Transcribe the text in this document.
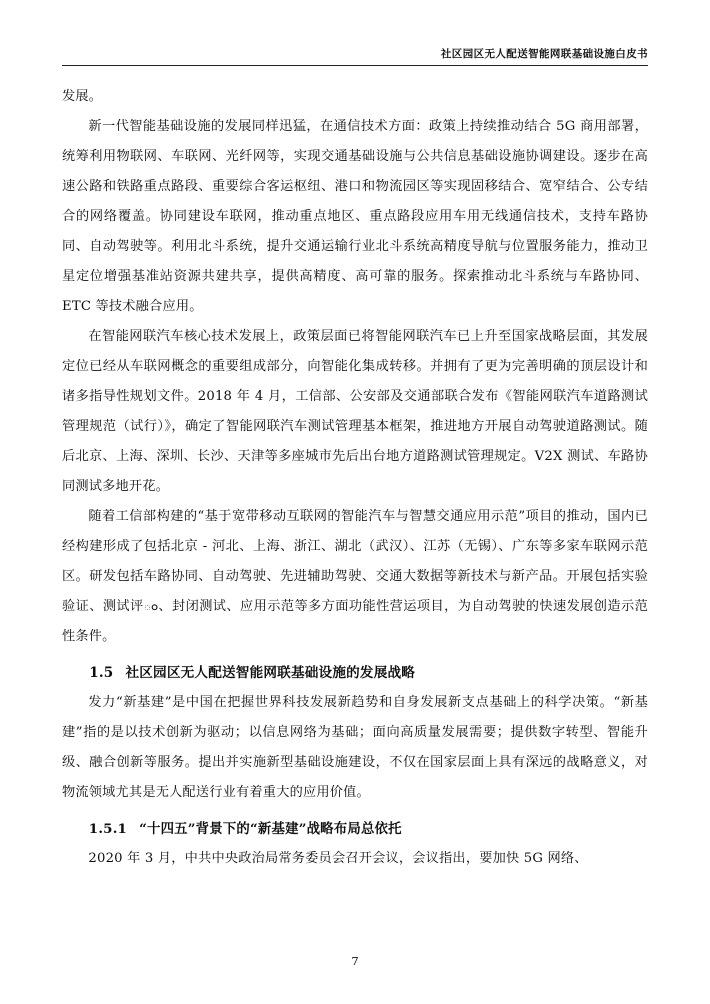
社区园区无人配送智能网联基础设施白皮书

发展。

新一代智能基础设施的发展同样迅猛，在通信技术方面：政策上持续推动结合 5G 商用部署，统筹利用物联网、车联网、光纤网等，实现交通基础设施与公共信息基础设施协调建设。逐步在高速公路和铁路重点路段、重要综合客运枢纽、港口和物流园区等实现固移结合、宽窄结合、公专结合的网络覆盖。协同建设车联网，推动重点地区、重点路段应用车用无线通信技术，支持车路协同、自动驾驶等。利用北斗系统，提升交通运输行业北斗系统高精度导航与位置服务能力，推动卫星定位增强基准站资源共建共享，提供高精度、高可靠的服务。探索推动北斗系统与车路协同、ETC 等技术融合应用。

在智能网联汽车核心技术发展上，政策层面已将智能网联汽车已上升至国家战略层面，其发展定位已经从车联网概念的重要组成部分，向智能化集成转移。并拥有了更为完善明确的顶层设计和诸多指导性规划文件。2018 年 4 月，工信部、公安部及交通部联合发布《智能网联汽车道路测试管理规范（试行）》，确定了智能网联汽车测试管理基本框架，推进地方开展自动驾驶道路测试。随后北京、上海、深圳、长沙、天津等多座城市先后出台地方道路测试管理规定。V2X 测试、车路协同测试多地开花。

随着工信部构建的“基于宽带移动互联网的智能汽车与智慧交通应用示范”项目的推动，国内已经构建形成了包括北京 - 河北、上海、浙江、湖北（武汉）、江苏（无锡）、广东等多家车联网示范区。研发包括车路协同、自动驾驶、先进辅助驾驶、交通大数据等新技术与新产品。开展包括实验验证、测试评ం、封闭测试、应用示范等多方面功能性营运项目，为自动驾驶的快速发展创造示范性条件。

1.5 社区园区无人配送智能网联基础设施的发展战略

发力“新基建”是中国在把握世界科技发展新趋势和自身发展新支点基础上的科学决策。“新基建”指的是以技术创新为驱动；以信息网络为基础；面向高质量发展需要；提供数字转型、智能升级、融合创新等服务。提出并实施新型基础设施建设，不仅在国家层面上具有深远的战略意义，对物流领域尤其是无人配送行业有着重大的应用价值。

1.5.1 “十四五”背景下的“新基建”战略布局总依托

2020 年 3 月，中共中央政治局常务委员会召开会议，会议指出，要加快 5G 网络、

7
